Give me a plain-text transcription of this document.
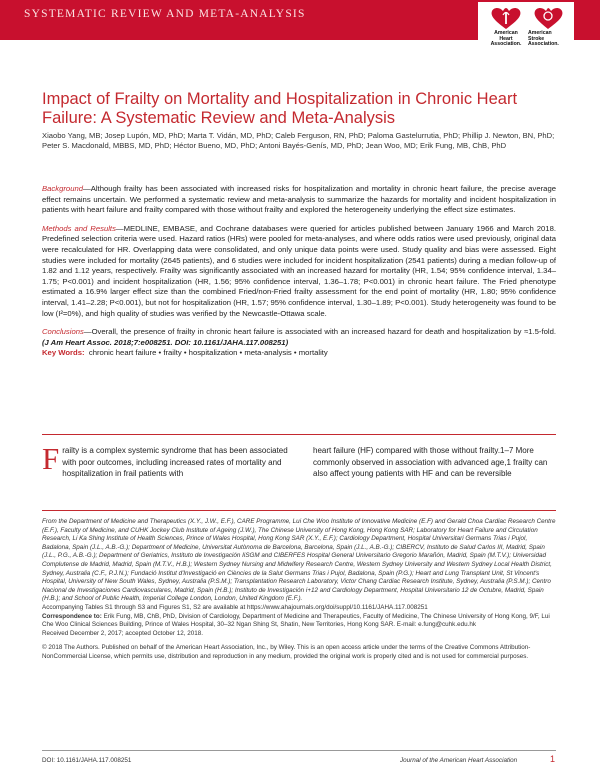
SYSTEMATIC REVIEW AND META-ANALYSIS
American
Heart
Association.
American
Stroke
Association.
Impact of Frailty on Mortality and Hospitalization in Chronic Heart Failure: A Systematic Review and Meta-Analysis
Xiaobo Yang, MB; Josep Lupón, MD, PhD; Marta T. Vidán, MD, PhD; Caleb Ferguson, RN, PhD; Paloma Gastelurrutia, PhD; Phillip J. Newton, BN, PhD; Peter S. Macdonald, MBBS, MD, PhD; Héctor Bueno, MD, PhD; Antoni Bayés-Genís, MD, PhD; Jean Woo, MD; Erik Fung, MB, ChB, PhD

Background—Although frailty has been associated with increased risks for hospitalization and mortality in chronic heart failure, the precise average effect remains uncertain. We performed a systematic review and meta-analysis to summarize the hazards for mortality and incident hospitalization in patients with heart failure and frailty compared with those without frailty and explored the heterogeneity underlying the effect size estimates.

Methods and Results—MEDLINE, EMBASE, and Cochrane databases were queried for articles published between January 1966 and March 2018. Predefined selection criteria were used. Hazard ratios (HRs) were pooled for meta-analyses, and where odds ratios were used previously, original data were recalculated for HR. Overlapping data were consolidated, and only unique data points were used. Study quality and bias were assessed. Eight studies were included for mortality (2645 patients), and 6 studies were included for incident hospitalization (2541 patients) during a median follow-up of 1.82 and 1.12 years, respectively. Frailty was significantly associated with an increased hazard for mortality (HR, 1.54; 95% confidence interval, 1.34–1.75; P<0.001) and incident hospitalization (HR, 1.56; 95% confidence interval, 1.36–1.78; P<0.001) in chronic heart failure. The Fried phenotype estimated a 16.9% larger effect size than the combined Fried/non-Fried frailty assessment for the end point of mortality (HR, 1.80; 95% confidence interval, 1.41–2.28; P<0.001), but not for hospitalization (HR, 1.57; 95% confidence interval, 1.30–1.89; P<0.001). Study heterogeneity was found to be low (I²=0%), and high quality of studies was verified by the Newcastle-Ottawa scale.

Conclusions—Overall, the presence of frailty in chronic heart failure is associated with an increased hazard for death and hospitalization by ≈1.5-fold. (J Am Heart Assoc. 2018;7:e008251. DOI: 10.1161/JAHA.117.008251)

Key Words: chronic heart failure • frailty • hospitalization • meta-analysis • mortality

Frailty is a complex systemic syndrome that has been associated with poor outcomes, including increased rates of mortality and hospitalization in frail patients with
heart failure (HF) compared with those without frailty.1–7 More commonly observed in association with advanced age,1 frailty can also affect young patients with HF and can be reversible

From the Department of Medicine and Therapeutics (X.Y., J.W., E.F.), CARE Programme, Lui Che Woo Institute of Innovative Medicine (E.F) and Gerald Choa Cardiac Research Centre (E.F.), Faculty of Medicine, and CUHK Jockey Club Institute of Ageing (J.W.), The Chinese University of Hong Kong, Hong Kong SAR; Laboratory for Heart Failure and Circulation Research, Li Ka Shing Institute of Health Sciences, Prince of Wales Hospital, Hong Kong SAR (X.Y., E.F.); Cardiology Department, Hospital Universitari Germans Trias i Pujol, Badalona, Spain (J.L., A.B.-G.); Department of Medicine, Universitat Autònoma de Barcelona, Barcelona, Spain (J.L., A.B.-G.); CIBERCV, Instituto de Salud Carlos III, Madrid, Spain (J.L., P.G., A.B.-G.); Department of Geriatrics, Instituto de Investigación IiSGM and CIBERFES Hospital General Universitario Gregorio Marañón, Madrid, Spain (M.T.V.); Universidad Complutense de Madrid, Madrid, Spain (M.T.V., H.B.); Western Sydney Nursing and Midwifery Research Centre, Western Sydney University and Western Sydney Local Health District, Sydney, Australia (C.F., P.J.N.); Fundació Institut d'Investigació en Ciències de la Salut Germans Trias i Pujol, Badalona, Spain (P.G.); Heart and Lung Transplant Unit, St Vincent's Hospital, University of New South Wales, Sydney, Australia (P.S.M.); Transplantation Research Laboratory, Victor Chang Cardiac Research Institute, Sydney, Australia (P.S.M.); Centro Nacional de Investigaciones Cardiovasculares, Madrid, Spain (H.B.); Instituto de Investigación i+12 and Cardiology Department, Hospital Universitario 12 de Octubre, Madrid, Spain (H.B.); and School of Public Health, Imperial College London, London, United Kingdom (E.F.).

Accompanying Tables S1 through S3 and Figures S1, S2 are available at https://www.ahajournals.org/doi/suppl/10.1161/JAHA.117.008251

Correspondence to: Erik Fung, MB, ChB, PhD, Division of Cardiology, Department of Medicine and Therapeutics, Faculty of Medicine, The Chinese University of Hong Kong, 9/F, Lui Che Woo Clinical Sciences Building, Prince of Wales Hospital, 30–32 Ngan Shing St, Shatin, New Territories, Hong Kong SAR. E-mail: e.fung@cuhk.edu.hk

Received December 2, 2017; accepted October 12, 2018.

© 2018 The Authors. Published on behalf of the American Heart Association, Inc., by Wiley. This is an open access article under the terms of the Creative Commons Attribution-NonCommercial License, which permits use, distribution and reproduction in any medium, provided the original work is properly cited and is not used for commercial purposes.

DOI: 10.1161/JAHA.117.008251	Journal of the American Heart Association	1
